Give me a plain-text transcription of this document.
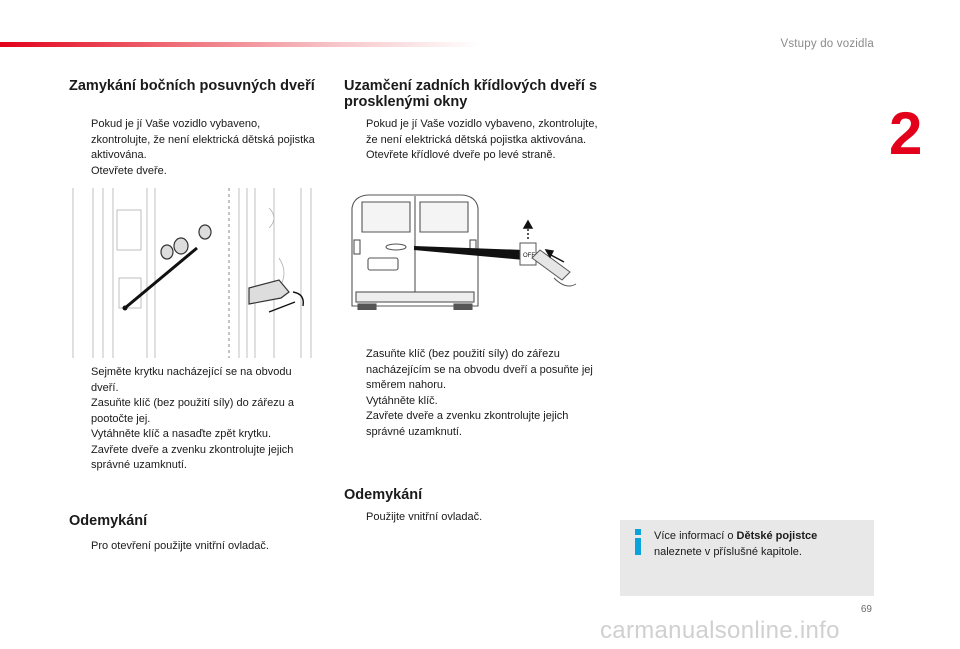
Vstupy do vozidla
2
Zamykání bočních posuvných dveří
Pokud je jí Vaše vozidlo vybaveno, zkontrolujte, že není elektrická dětská pojistka aktivována.
Otevřete dveře.
Sejměte krytku nacházející se na obvodu dveří.
Zasuňte klíč (bez použití síly) do zářezu a pootočte jej.
Vytáhněte klíč a nasaďte zpět krytku.
Zavřete dveře a zvenku zkontrolujte jejich správné uzamknutí.
Odemykání
Pro otevření použijte vnitřní ovladač.
Uzamčení zadních křídlových dveří s prosklenými okny
Pokud je jí Vaše vozidlo vybaveno, zkontrolujte, že není elektrická dětská pojistka aktivována.
Otevřete křídlové dveře po levé straně.
OFF
Zasuňte klíč (bez použití síly) do zářezu nacházejícím se na obvodu dveří a posuňte jej směrem nahoru.
Vytáhněte klíč.
Zavřete dveře a zvenku zkontrolujte jejich správné uzamknutí.
Odemykání
Použijte vnitřní ovladač.
Více informací o Dětské pojistce naleznete v příslušné kapitole.
69
carmanualsonline.info
